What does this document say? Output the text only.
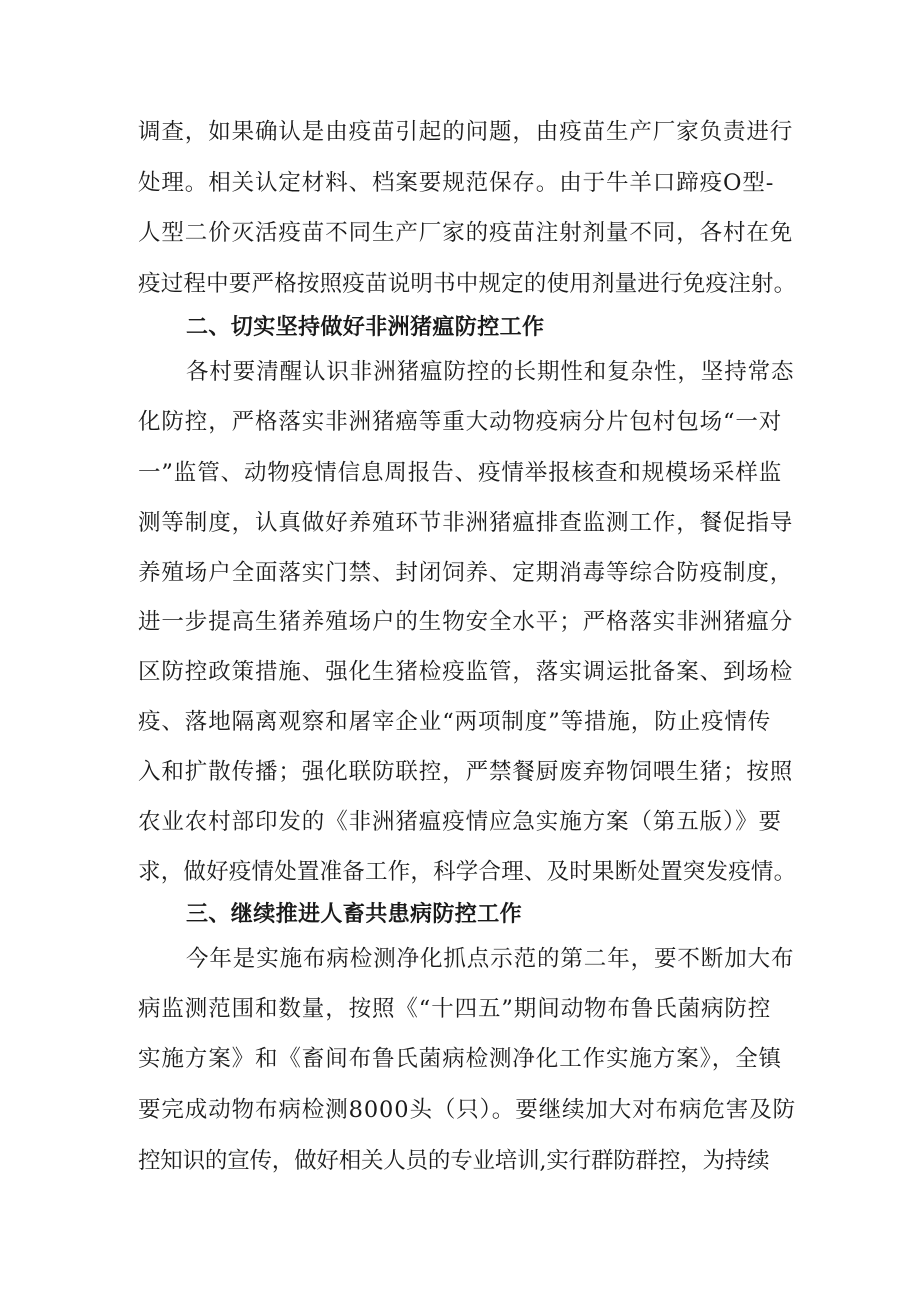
调查，如果确认是由疫苗引起的问题，由疫苗生产厂家负责进行
处理。相关认定材料、档案要规范保存。由于牛羊口蹄疫O型-
人型二价灭活疫苗不同生产厂家的疫苗注射剂量不同，各村在免
疫过程中要严格按照疫苗说明书中规定的使用剂量进行免疫注射。
二、切实坚持做好非洲猪瘟防控工作
各村要清醒认识非洲猪瘟防控的长期性和复杂性，坚持常态
化防控，严格落实非洲猪癌等重大动物疫病分片包村包场“一对
一”监管、动物疫情信息周报告、疫情举报核查和规模场采样监
测等制度，认真做好养殖环节非洲猪瘟排查监测工作，餐促指导
养殖场户全面落实门禁、封闭饲养、定期消毒等综合防疫制度，
进一步提高生猪养殖场户的生物安全水平；严格落实非洲猪瘟分
区防控政策措施、强化生猪检疫监管，落实调运批备案、到场检
疫、落地隔离观察和屠宰企业“两项制度”等措施，防止疫情传
入和扩散传播；强化联防联控，严禁餐厨废弃物饲喂生猪；按照
农业农村部印发的《非洲猪瘟疫情应急实施方案（第五版）》要
求，做好疫情处置准备工作，科学合理、及时果断处置突发疫情。
三、继续推进人畜共患病防控工作
今年是实施布病检测净化抓点示范的第二年，要不断加大布
病监测范围和数量，按照《“十四五”期间动物布鲁氏菌病防控
实施方案》和《畜间布鲁氏菌病检测净化工作实施方案》，全镇
要完成动物布病检测8000头（只）。要继续加大对布病危害及防
控知识的宣传，做好相关人员的专业培训,实行群防群控，为持续
